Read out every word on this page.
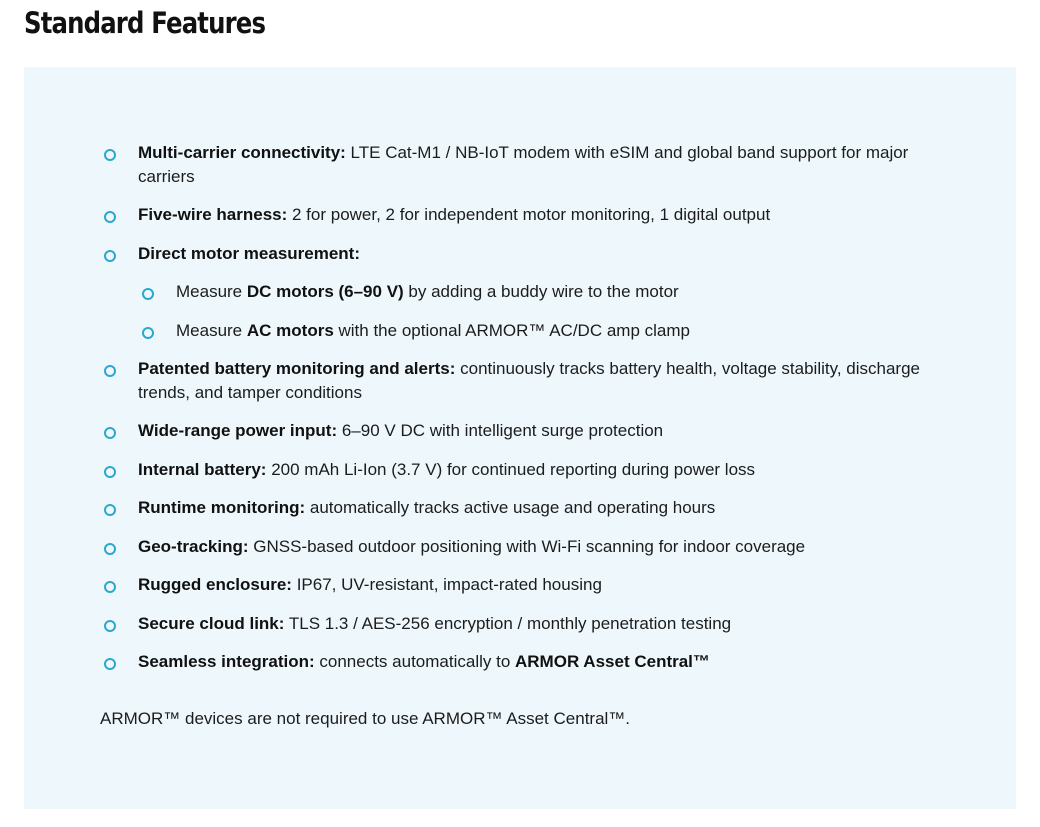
Standard Features
Multi-carrier connectivity: LTE Cat-M1 / NB-IoT modem with eSIM and global band support for major carriers
Five-wire harness: 2 for power, 2 for independent motor monitoring, 1 digital output
Direct motor measurement:
Measure DC motors (6–90 V) by adding a buddy wire to the motor
Measure AC motors with the optional ARMOR™ AC/DC amp clamp
Patented battery monitoring and alerts: continuously tracks battery health, voltage stability, discharge trends, and tamper conditions
Wide-range power input: 6–90 V DC with intelligent surge protection
Internal battery: 200 mAh Li-Ion (3.7 V) for continued reporting during power loss
Runtime monitoring: automatically tracks active usage and operating hours
Geo-tracking: GNSS-based outdoor positioning with Wi-Fi scanning for indoor coverage
Rugged enclosure: IP67, UV-resistant, impact-rated housing
Secure cloud link: TLS 1.3 / AES-256 encryption / monthly penetration testing
Seamless integration: connects automatically to ARMOR Asset Central™

ARMOR™ devices are not required to use ARMOR™ Asset Central™.
